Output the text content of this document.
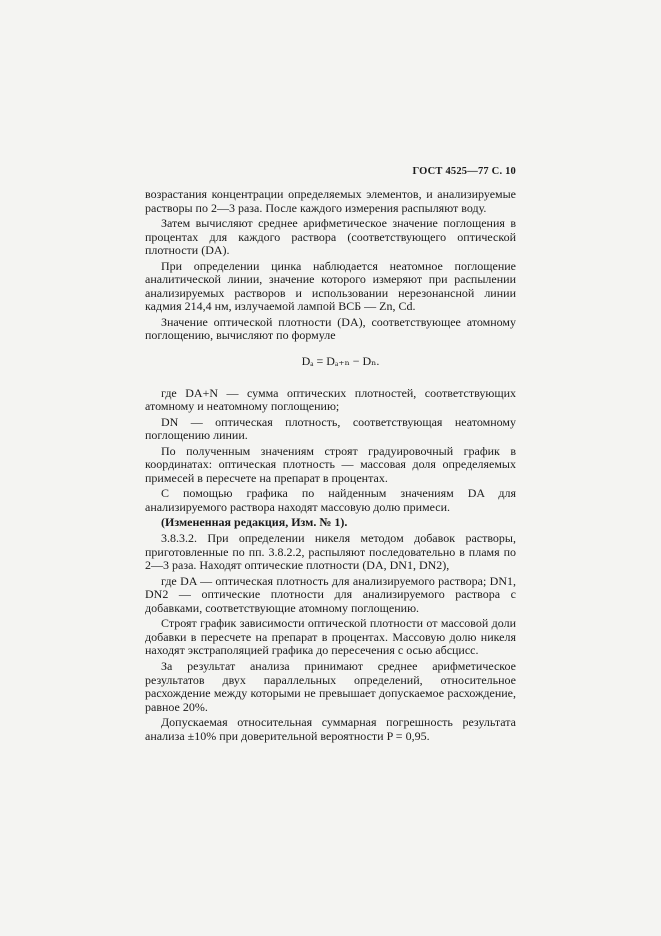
ГОСТ 4525—77 С. 10

возрастания концентрации определяемых элементов, и анализируемые растворы по 2—3 раза. После каждого измерения распыляют воду.

Затем вычисляют среднее арифметическое значение поглощения в процентах для каждого раствора (соответствующего оптической плотности (DA).

При определении цинка наблюдается неатомное поглощение аналитической линии, значение которого измеряют при распылении анализируемых растворов и использовании нерезонансной линии кадмия 214,4 нм, излучаемой лампой ВСБ — Zn, Cd.

Значение оптической плотности (DA), соответствующее атомному поглощению, вычисляют по формуле

Dₐ = Dₐ₊ₙ − Dₙ.

где DA+N — сумма оптических плотностей, соответствующих атомному и неатомному поглощению;

DN — оптическая плотность, соответствующая неатомному поглощению линии.

По полученным значениям строят градуировочный график в координатах: оптическая плотность — массовая доля определяемых примесей в пересчете на препарат в процентах.

С помощью графика по найденным значениям DA для анализируемого раствора находят массовую долю примеси.

(Измененная редакция, Изм. № 1).

3.8.3.2. При определении никеля методом добавок растворы, приготовленные по пп. 3.8.2.2, распыляют последовательно в пламя по 2—3 раза. Находят оптические плотности (DA, DN1, DN2),

где DA — оптическая плотность для анализируемого раствора; DN1, DN2 — оптические плотности для анализируемого раствора с добавками, соответствующие атомному поглощению.

Строят график зависимости оптической плотности от массовой доли добавки в пересчете на препарат в процентах. Массовую долю никеля находят экстраполяцией графика до пересечения с осью абсцисс.

За результат анализа принимают среднее арифметическое результатов двух параллельных определений, относительное расхождение между которыми не превышает допускаемое расхождение, равное 20%.

Допускаемая относительная суммарная погрешность результата анализа ±10% при доверительной вероятности P = 0,95.
